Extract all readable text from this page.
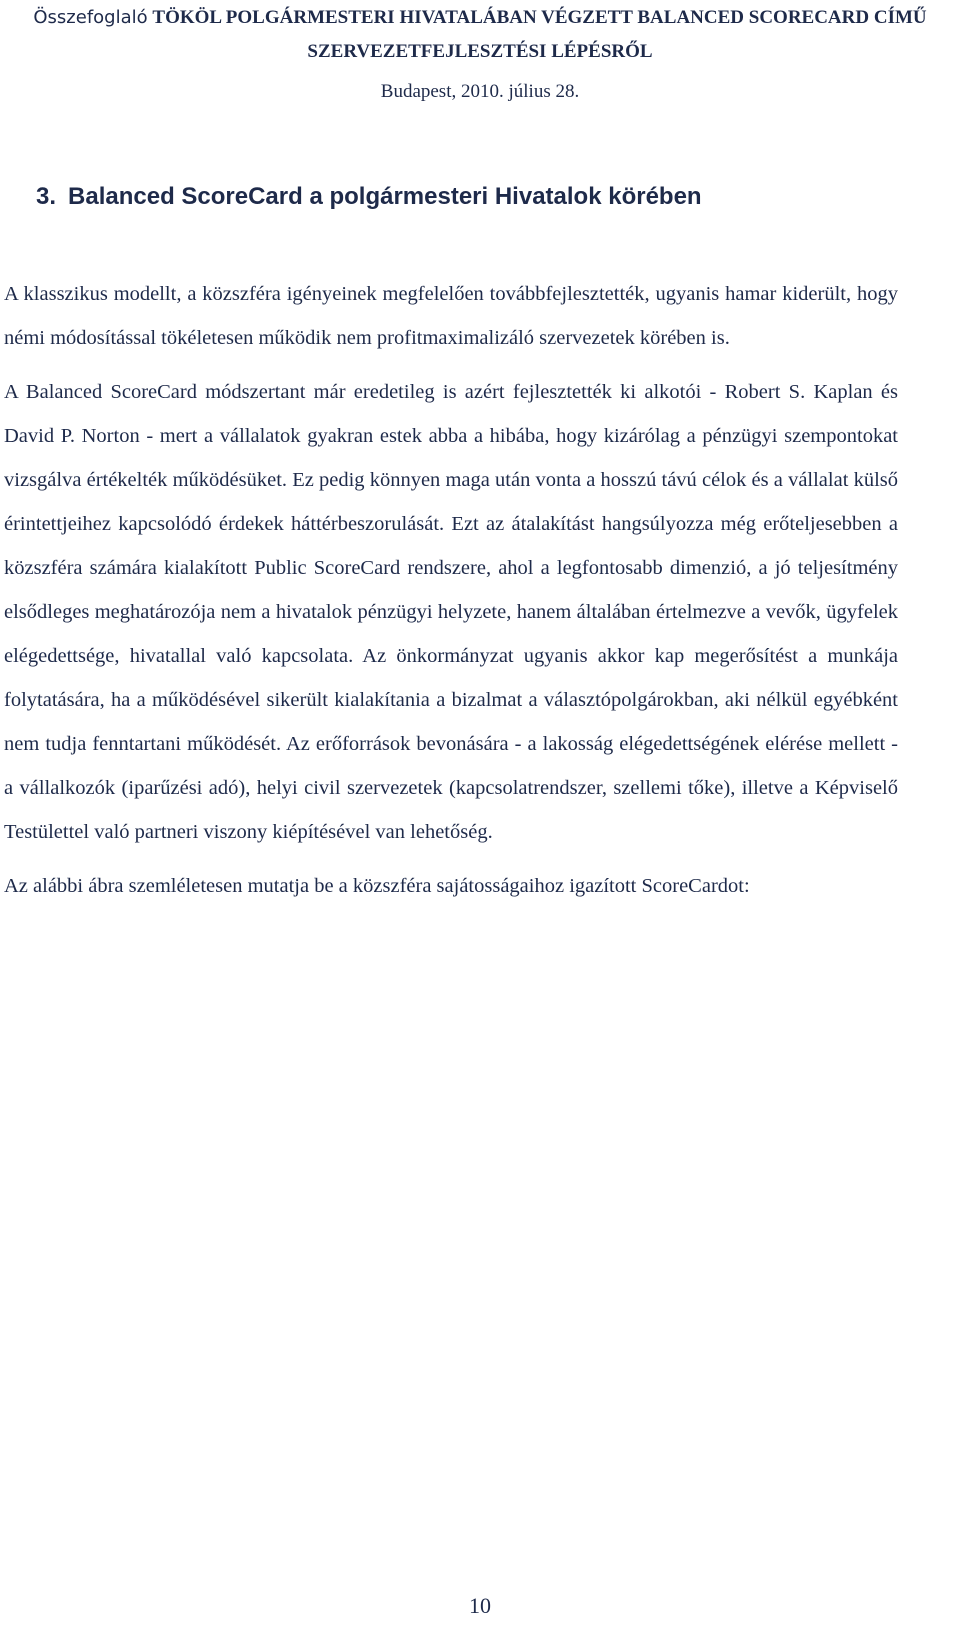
Összefoglaló TÖKÖL POLGÁRMESTERI HIVATALÁBAN VÉGZETT BALANCED SCORECARD CÍMŰ
SZERVEZETFEJLESZTÉSI LÉPÉSRŐL
Budapest, 2010. július 28.
3. Balanced ScoreCard a polgármesteri Hivatalok körében

A klasszikus modellt, a közszféra igényeinek megfelelően továbbfejlesztették, ugyanis hamar kiderült, hogy némi módosítással tökéletesen működik nem profitmaximalizáló szervezetek körében is.

A Balanced ScoreCard módszertant már eredetileg is azért fejlesztették ki alkotói - Robert S. Kaplan és David P. Norton - mert a vállalatok gyakran estek abba a hibába, hogy kizárólag a pénzügyi szempontokat vizsgálva értékelték működésüket. Ez pedig könnyen maga után vonta a hosszú távú célok és a vállalat külső érintettjeihez kapcsolódó érdekek háttérbeszorulását. Ezt az átalakítást hangsúlyozza még erőteljesebben a közszféra számára kialakított Public ScoreCard rendszere, ahol a legfontosabb dimenzió, a jó teljesítmény elsődleges meghatározója nem a hivatalok pénzügyi helyzete, hanem általában értelmezve a vevők, ügyfelek elégedettsége, hivatallal való kapcsolata. Az önkormányzat ugyanis akkor kap megerősítést a munkája folytatására, ha a működésével sikerült kialakítania a bizalmat a választópolgárokban, aki nélkül egyébként nem tudja fenntartani működését. Az erőforrások bevonására - a lakosság elégedettségének elérése mellett - a vállalkozók (iparűzési adó), helyi civil szervezetek (kapcsolatrendszer, szellemi tőke), illetve a Képviselő Testülettel való partneri viszony kiépítésével van lehetőség.

Az alábbi ábra szemléletesen mutatja be a közszféra sajátosságaihoz igazított ScoreCardot:

10
